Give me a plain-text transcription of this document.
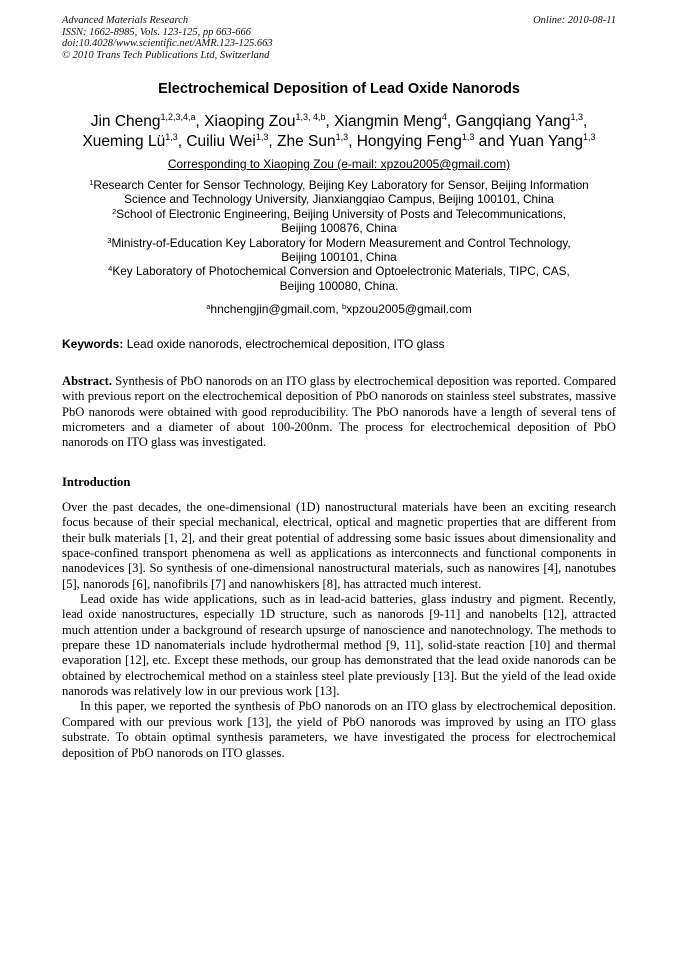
Advanced Materials Research
ISSN: 1662-8985, Vols. 123-125, pp 663-666
doi:10.4028/www.scientific.net/AMR.123-125.663
© 2010 Trans Tech Publications Ltd, Switzerland
Online: 2010-08-11
Electrochemical Deposition of Lead Oxide Nanorods
Jin Cheng$^{1,2,3,4,a}$, Xiaoping Zou$^{1,3, 4,b}$, Xiangmin Meng$^4$, Gangqiang Yang$^{1,3}$,
Xueming Lü$^{1,3}$, Cuiliu Wei$^{1,3}$, Zhe Sun$^{1,3}$, Hongying Feng$^{1,3}$ and Yuan Yang$^{1,3}$
Corresponding to Xiaoping Zou (e-mail: xpzou2005@gmail.com)
$^1$Research Center for Sensor Technology, Beijing Key Laboratory for Sensor, Beijing Information
Science and Technology University, Jianxiangqiao Campus, Beijing 100101, China
$^2$School of Electronic Engineering, Beijing University of Posts and Telecommunications,
Beijing 100876, China
$^3$Ministry-of-Education Key Laboratory for Modern Measurement and Control Technology,
Beijing 100101, China
$^4$Key Laboratory of Photochemical Conversion and Optoelectronic Materials, TIPC, CAS,
Beijing 100080, China.
$^a$hnchengjin@gmail.com, $^b$xpzou2005@gmail.com
Keywords: Lead oxide nanorods, electrochemical deposition, ITO glass
Abstract. Synthesis of PbO nanorods on an ITO glass by electrochemical deposition was reported. Compared with previous report on the electrochemical deposition of PbO nanorods on stainless steel substrates, massive PbO nanorods were obtained with good reproducibility. The PbO nanorods have a length of several tens of micrometers and a diameter of about 100-200nm. The process for electrochemical deposition of PbO nanorods on ITO glass was investigated.
Introduction

Over the past decades, the one-dimensional (1D) nanostructural materials have been an exciting research focus because of their special mechanical, electrical, optical and magnetic properties that are different from their bulk materials [1, 2], and their great potential of addressing some basic issues about dimensionality and space-confined transport phenomena as well as applications as interconnects and functional components in nanodevices [3]. So synthesis of one-dimensional nanostructural materials, such as nanowires [4], nanotubes [5], nanorods [6], nanofibrils [7] and nanowhiskers [8], has attracted much interest.

Lead oxide has wide applications, such as in lead-acid batteries, glass industry and pigment. Recently, lead oxide nanostructures, especially 1D structure, such as nanorods [9-11] and nanobelts [12], attracted much attention under a background of research upsurge of nanoscience and nanotechnology. The methods to prepare these 1D nanomaterials include hydrothermal method [9, 11], solid-state reaction [10] and thermal evaporation [12], etc. Except these methods, our group has demonstrated that the lead oxide nanorods can be obtained by electrochemical method on a stainless steel plate previously [13]. But the yield of the lead oxide nanorods was relatively low in our previous work [13].

In this paper, we reported the synthesis of PbO nanorods on an ITO glass by electrochemical deposition. Compared with our previous work [13], the yield of PbO nanorods was improved by using an ITO glass substrate. To obtain optimal synthesis parameters, we have investigated the process for electrochemical deposition of PbO nanorods on ITO glasses.
